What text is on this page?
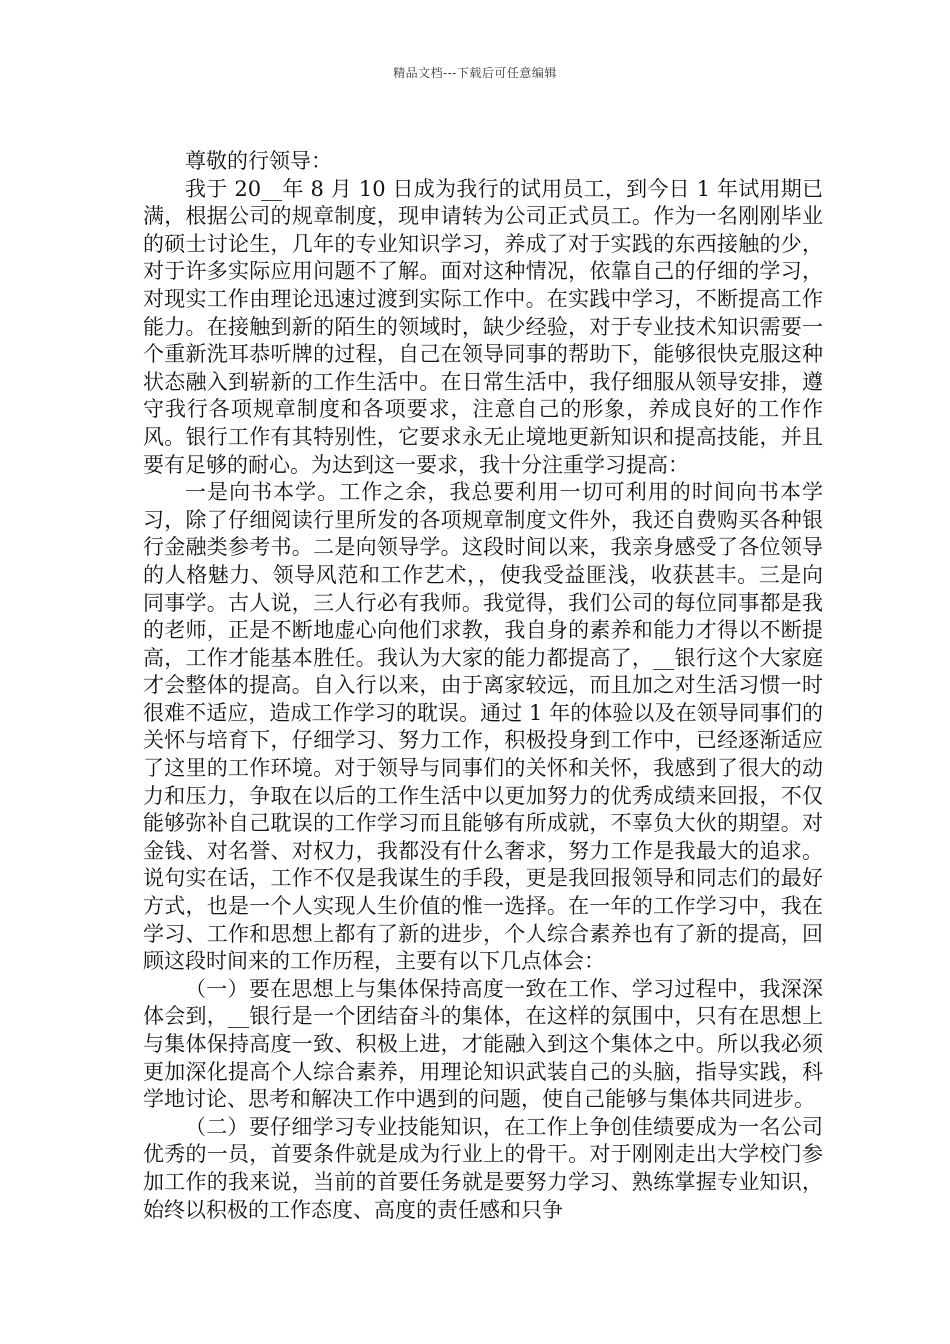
精品文档---下载后可任意编辑

尊敬的行领导：

我于 20__年 8 月 10 日成为我行的试用员工，到今日 1 年试用期已满，根据公司的规章制度，现申请转为公司正式员工。作为一名刚刚毕业的硕士讨论生，几年的专业知识学习，养成了对于实践的东西接触的少，对于许多实际应用问题不了解。面对这种情况，依靠自己的仔细的学习，对现实工作由理论迅速过渡到实际工作中。在实践中学习，不断提高工作能力。在接触到新的陌生的领域时，缺少经验，对于专业技术知识需要一个重新洗耳恭听牌的过程，自己在领导同事的帮助下，能够很快克服这种状态融入到崭新的工作生活中。在日常生活中，我仔细服从领导安排，遵守我行各项规章制度和各项要求，注意自己的形象，养成良好的工作作风。银行工作有其特别性，它要求永无止境地更新知识和提高技能，并且要有足够的耐心。为达到这一要求，我十分注重学习提高：

一是向书本学。工作之余，我总要利用一切可利用的时间向书本学习，除了仔细阅读行里所发的各项规章制度文件外，我还自费购买各种银行金融类参考书。二是向领导学。这段时间以来，我亲身感受了各位领导的人格魅力、领导风范和工作艺术，，使我受益匪浅，收获甚丰。三是向同事学。古人说，三人行必有我师。我觉得，我们公司的每位同事都是我的老师，正是不断地虚心向他们求教，我自身的素养和能力才得以不断提高，工作才能基本胜任。我认为大家的能力都提高了，__银行这个大家庭才会整体的提高。自入行以来，由于离家较远，而且加之对生活习惯一时很难不适应，造成工作学习的耽误。通过 1 年的体验以及在领导同事们的关怀与培育下，仔细学习、努力工作，积极投身到工作中，已经逐渐适应了这里的工作环境。对于领导与同事们的关怀和关怀，我感到了很大的动力和压力，争取在以后的工作生活中以更加努力的优秀成绩来回报，不仅能够弥补自己耽误的工作学习而且能够有所成就，不辜负大伙的期望。对金钱、对名誉、对权力，我都没有什么奢求，努力工作是我最大的追求。说句实在话，工作不仅是我谋生的手段，更是我回报领导和同志们的最好方式，也是一个人实现人生价值的惟一选择。在一年的工作学习中，我在学习、工作和思想上都有了新的进步，个人综合素养也有了新的提高，回顾这段时间来的工作历程，主要有以下几点体会：

（一）要在思想上与集体保持高度一致在工作、学习过程中，我深深体会到，__银行是一个团结奋斗的集体，在这样的氛围中，只有在思想上与集体保持高度一致、积极上进，才能融入到这个集体之中。所以我必须更加深化提高个人综合素养，用理论知识武装自己的头脑，指导实践，科学地讨论、思考和解决工作中遇到的问题，使自己能够与集体共同进步。

（二）要仔细学习专业技能知识，在工作上争创佳绩要成为一名公司优秀的一员，首要条件就是成为行业上的骨干。对于刚刚走出大学校门参加工作的我来说，当前的首要任务就是要努力学习、熟练掌握专业知识，始终以积极的工作态度、高度的责任感和只争
